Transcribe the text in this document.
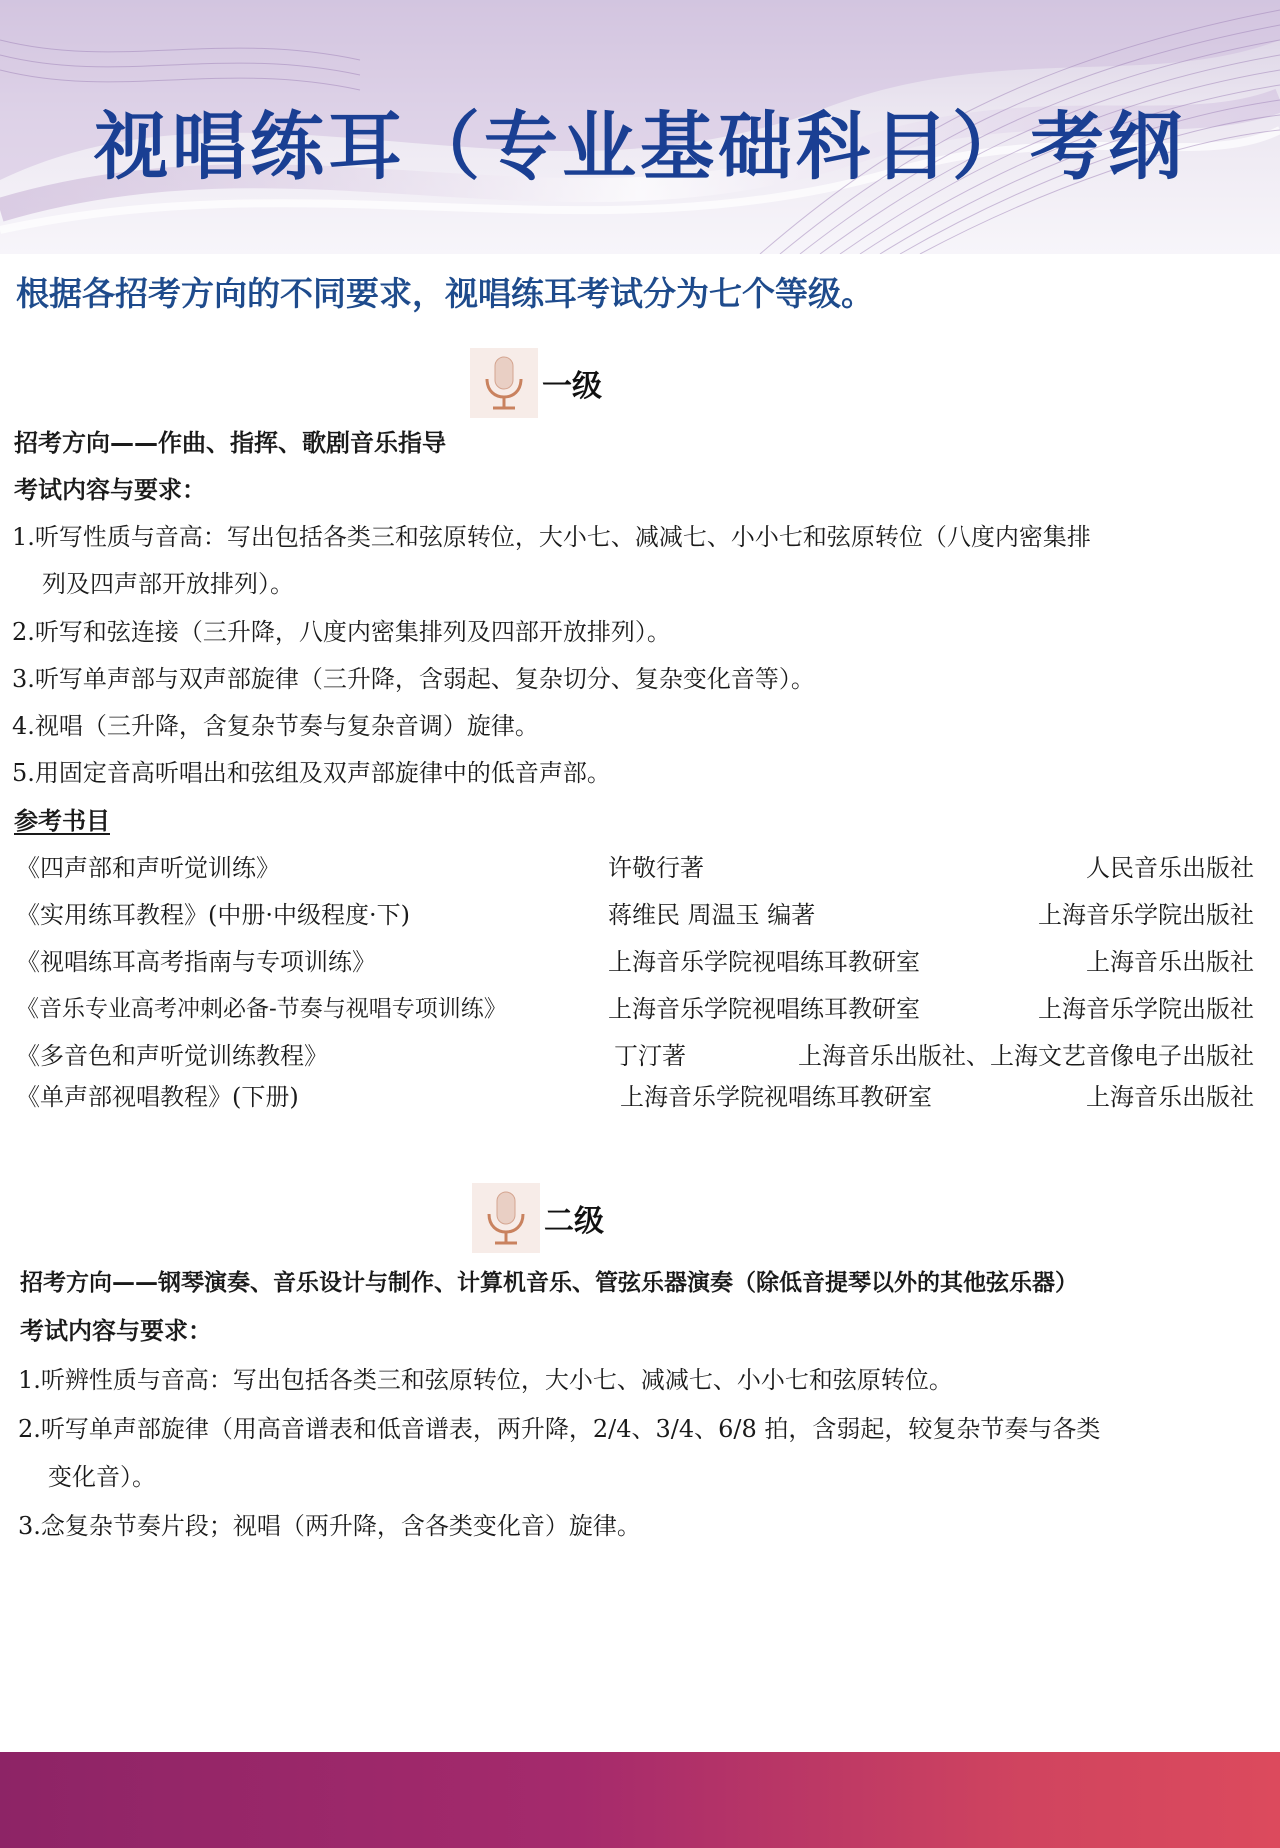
视唱练耳（专业基础科目）考纲
根据各招考方向的不同要求，视唱练耳考试分为七个等级。
一级
招考方向——作曲、指挥、歌剧音乐指导
考试内容与要求：
1.听写性质与音高：写出包括各类三和弦原转位，大小七、减减七、小小七和弦原转位（八度内密集排
列及四声部开放排列）。
2.听写和弦连接（三升降，八度内密集排列及四部开放排列）。
3.听写单声部与双声部旋律（三升降，含弱起、复杂切分、复杂变化音等）。
4.视唱（三升降，含复杂节奏与复杂音调）旋律。
5.用固定音高听唱出和弦组及双声部旋律中的低音声部。
参考书目
《四声部和声听觉训练》	许敬行著	人民音乐出版社
《实用练耳教程》(中册·中级程度·下)	蒋维民 周温玉 编著	上海音乐学院出版社
《视唱练耳高考指南与专项训练》	上海音乐学院视唱练耳教研室	上海音乐出版社
《音乐专业高考冲刺必备-节奏与视唱专项训练》	上海音乐学院视唱练耳教研室	上海音乐学院出版社
《多音色和声听觉训练教程》	丁汀著	上海音乐出版社、上海文艺音像电子出版社
《单声部视唱教程》(下册)	上海音乐学院视唱练耳教研室	上海音乐出版社
二级
招考方向——钢琴演奏、音乐设计与制作、计算机音乐、管弦乐器演奏（除低音提琴以外的其他弦乐器）
考试内容与要求：
1.听辨性质与音高：写出包括各类三和弦原转位，大小七、减减七、小小七和弦原转位。
2.听写单声部旋律（用高音谱表和低音谱表，两升降，2/4、3/4、6/8 拍，含弱起，较复杂节奏与各类
变化音）。
3.念复杂节奏片段；视唱（两升降，含各类变化音）旋律。
